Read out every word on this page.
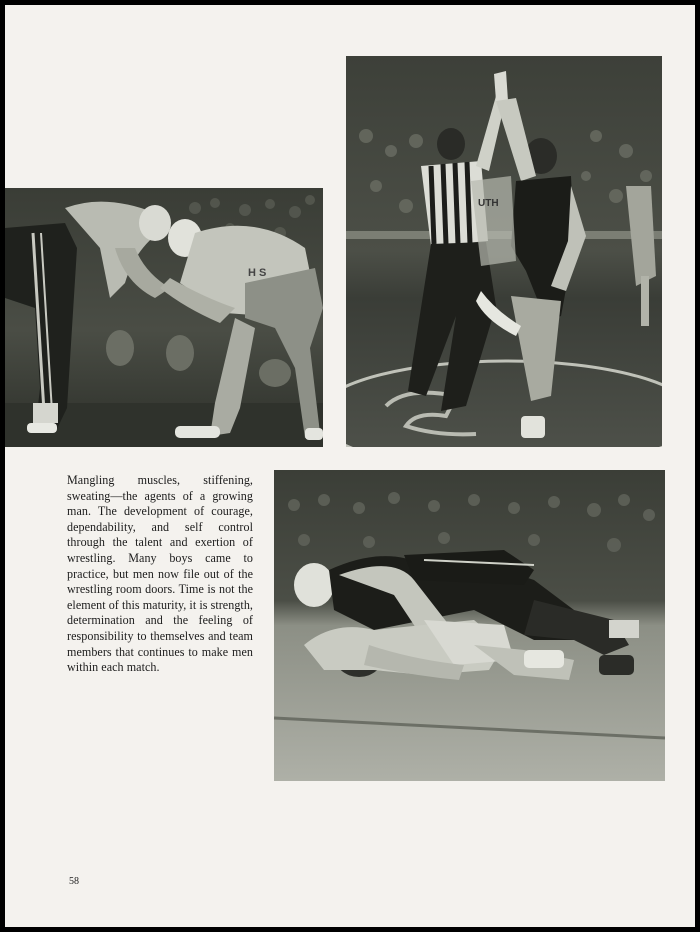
H S
UTH

Mangling muscles, stiffening, sweating—the agents of a growing man. The development of courage, dependability, and self control through the talent and exertion of wrestling. Many boys came to practice, but men now file out of the wrestling room doors. Time is not the element of this maturity, it is strength, determination and the feeling of responsibility to themselves and team members that continues to make men within each match.

58
